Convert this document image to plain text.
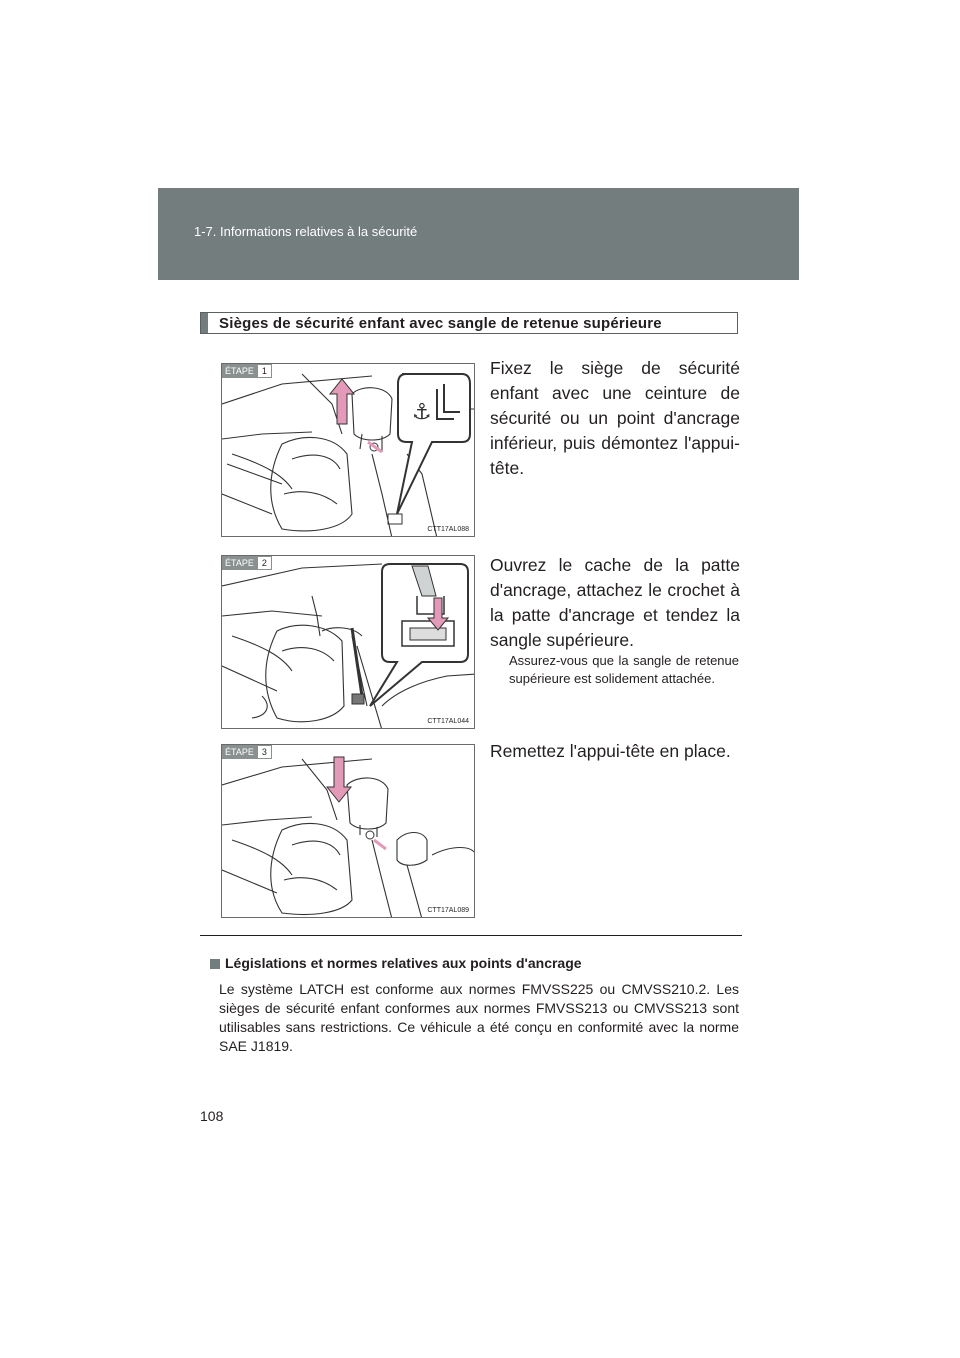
1-7. Informations relatives à la sécurité
Sièges de sécurité enfant avec sangle de retenue supérieure
⚓
ÉTAPE 1
CTT17AL088
Fixez le siège de sécurité enfant avec une ceinture de sécurité ou un point d'ancrage inférieur, puis démontez l'appui-tête.
ÉTAPE 2
CTT17AL044
Ouvrez le cache de la patte d'ancrage, attachez le crochet à la patte d'ancrage et tendez la sangle supérieure.
Assurez-vous que la sangle de retenue supérieure est solidement attachée.
ÉTAPE 3
CTT17AL089
Remettez l'appui-tête en place.
Législations et normes relatives aux points d'ancrage
Le système LATCH est conforme aux normes FMVSS225 ou CMVSS210.2. Les sièges de sécurité enfant conformes aux normes FMVSS213 ou CMVSS213 sont utilisables sans restrictions. Ce véhicule a été conçu en conformité avec la norme SAE J1819.
108
